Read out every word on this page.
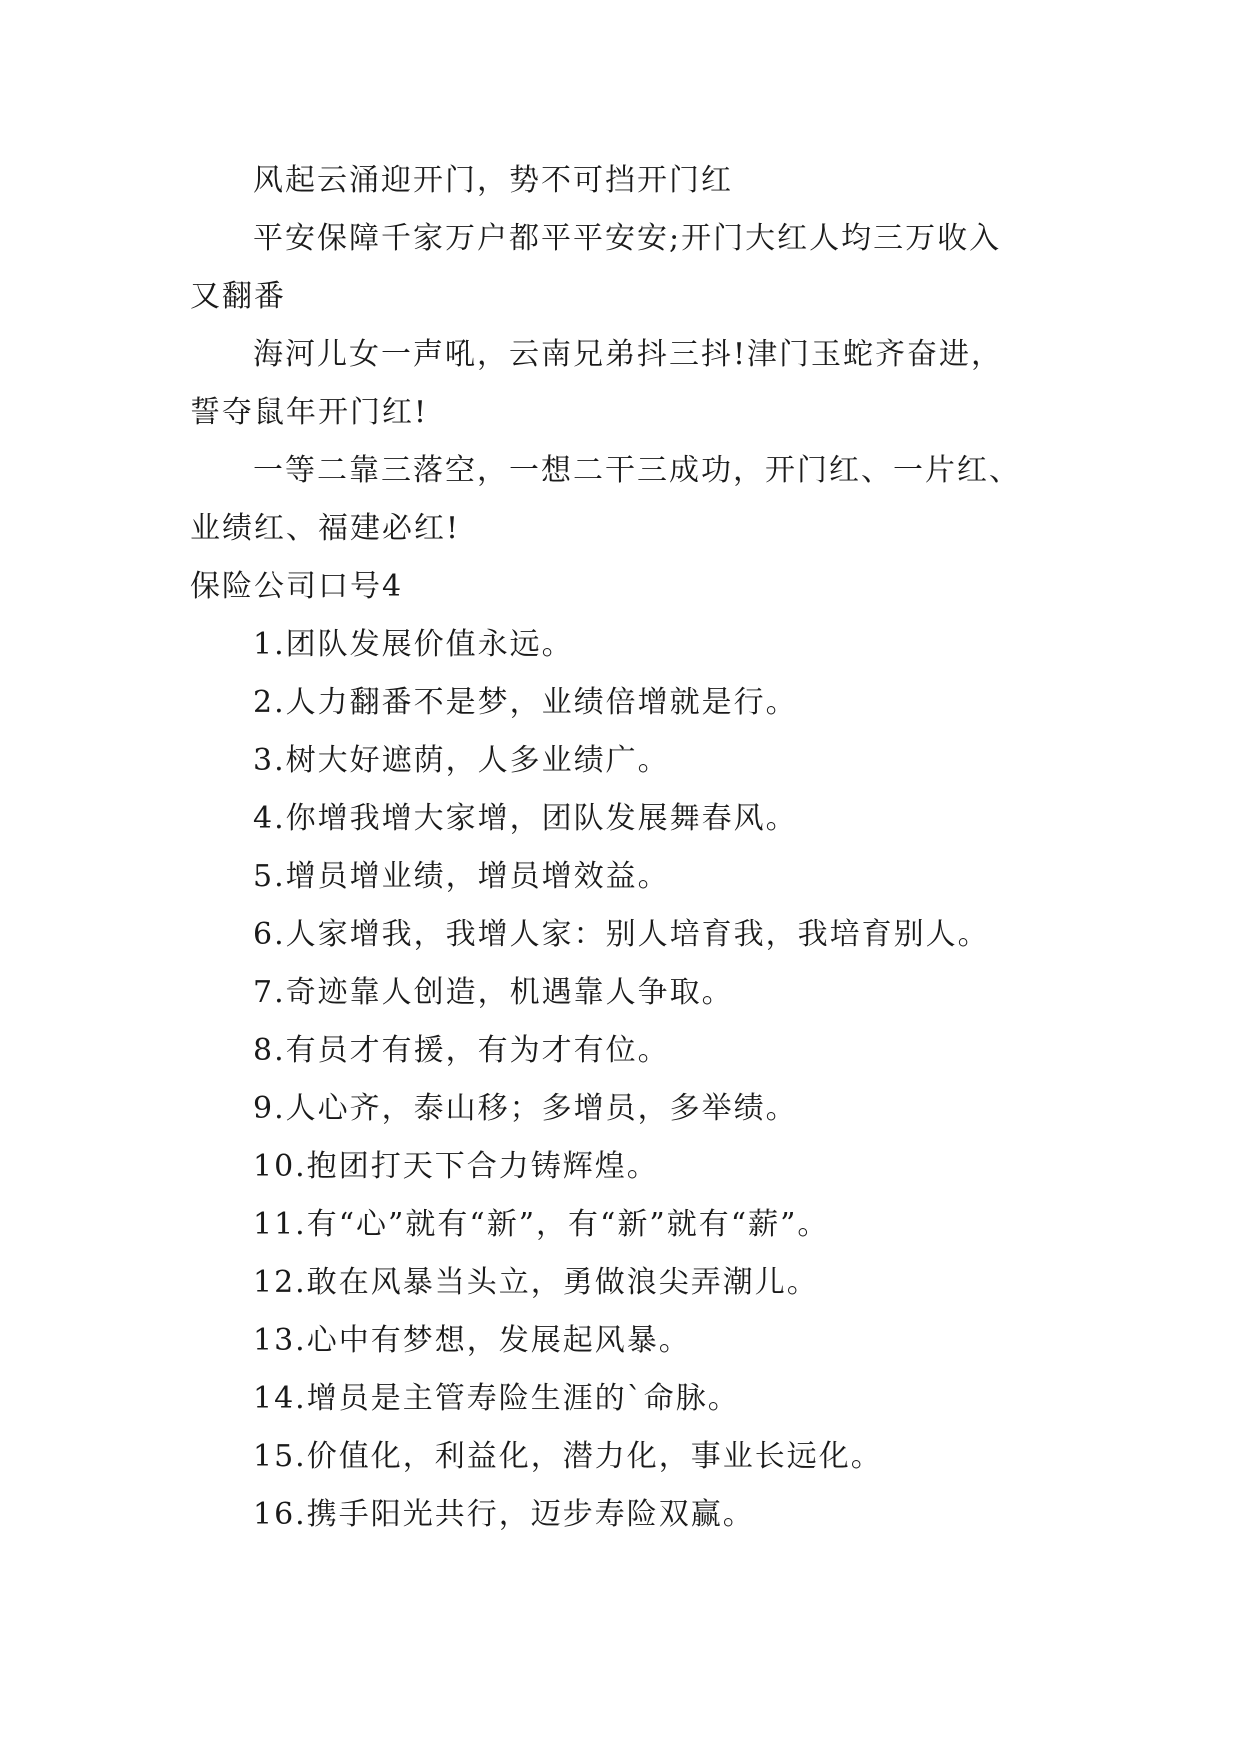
风起云涌迎开门，势不可挡开门红
平安保障千家万户都平平安安;开门大红人均三万收入
又翻番
海河儿女一声吼，云南兄弟抖三抖!津门玉蛇齐奋进，
誓夺鼠年开门红!
一等二靠三落空，一想二干三成功，开门红、一片红、
业绩红、福建必红!
保险公司口号4
1.团队发展价值永远。
2.人力翻番不是梦，业绩倍增就是行。
3.树大好遮荫，人多业绩广。
4.你增我增大家增，团队发展舞春风。
5.增员增业绩，增员增效益。
6.人家增我，我增人家：别人培育我，我培育别人。
7.奇迹靠人创造，机遇靠人争取。
8.有员才有援，有为才有位。
9.人心齐，泰山移；多增员，多举绩。
10.抱团打天下合力铸辉煌。
11.有“心”就有“新”，有“新”就有“薪”。
12.敢在风暴当头立，勇做浪尖弄潮儿。
13.心中有梦想，发展起风暴。
14.增员是主管寿险生涯的`命脉。
15.价值化，利益化，潜力化，事业长远化。
16.携手阳光共行，迈步寿险双赢。
